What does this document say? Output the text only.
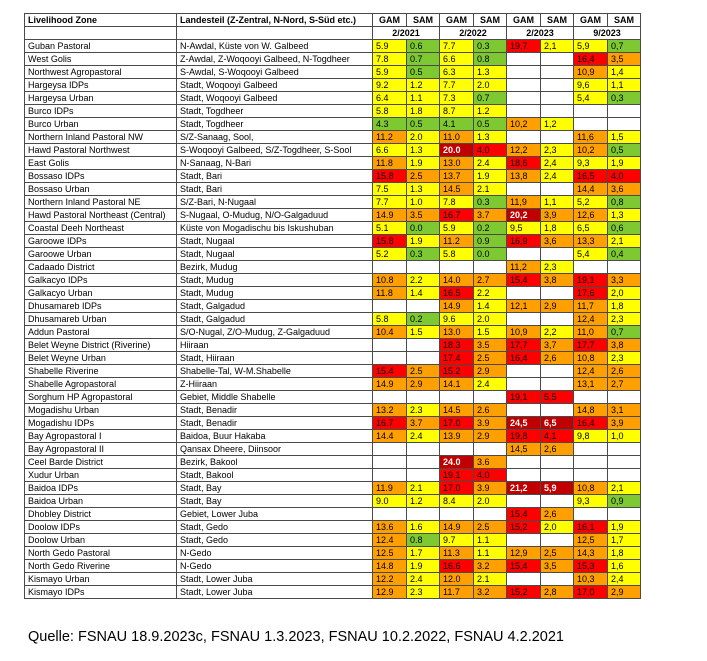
Livelihood Zone	Landesteil (Z-Zentral, N-Nord, S-Süd etc.)	GAM	SAM	GAM	SAM	GAM	SAM	GAM	SAM
		2/2021		2/2022		2/2023		9/2023	
Guban Pastoral	N-Awdal, Küste von W. Galbeed	5.9	0.6	7.7	0.3	19,7	2,1	5,9	0,7
West Golis	Z-Awdal, Z-Woqooyi Galbeed, N-Togdheer	7.8	0.7	6.6	0.8			16,4	3,5
Northwest Agropastoral	S-Awdal, S-Woqooyi Galbeed	5.9	0.5	6.3	1.3			10,9	1,4
Hargeysa IDPs	Stadt, Woqooyi Galbeed	9.2	1.2	7.7	2.0			9,6	1,1
Hargeysa Urban	Stadt, Woqooyi Galbeed	6.4	1.1	7.3	0.7			5,4	0,3
Burco IDPs	Stadt, Togdheer	5.8	1.8	8.7	1.2				
Burco Urban	Stadt, Togdheer	4.3	0.5	4.1	0.5	10,2	1,2		
Northern Inland Pastoral NW	S/Z-Sanaag, Sool,	11.2	2.0	11.0	1.3			11,6	1,5
Hawd Pastoral Northwest	S-Woqooyi Galbeed, S/Z-Togdheer, S-Sool	6.6	1.3	20.0	4.0	12,2	2,3	10,2	0,5
East Golis	N-Sanaag, N-Bari	11.8	1.9	13.0	2.4	18,6	2,4	9,3	1,9
Bossaso IDPs	Stadt, Bari	15.8	2.5	13.7	1.9	13,8	2,4	16,5	4,0
Bossaso Urban	Stadt, Bari	7.5	1.3	14.5	2.1			14,4	3,6
Northern Inland Pastoral NE	S/Z-Bari, N-Nugaal	7.7	1.0	7.8	0.3	11,9	1,1	5,2	0,8
Hawd Pastoral Northeast (Central)	S-Nugaal, O-Mudug, N/O-Galgaduud	14.9	3.5	16.7	3.7	20,2	3,9	12,6	1,3
Coastal Deeh Northeast	Küste von Mogadischu bis Iskushuban	5.1	0.0	5.9	0.2	9,5	1,8	6,5	0,6
Garoowe IDPs	Stadt, Nugaal	15.8	1.9	11.2	0.9	16,9	3,6	13,3	2,1
Garoowe Urban	Stadt, Nugaal	5.2	0.3	5.8	0.0			5,4	0,4
Cadaado District	Bezirk, Mudug					11,2	2,3		
Galkacyo IDPs	Stadt, Mudug	10.8	2.2	14.0	2.7	15,4	3,8	19,1	3,3
Galkacyo Urban	Stadt, Mudug	11.8	1.4	16.5	2.2			17,6	2,0
Dhusamareb IDPs	Stadt, Galgadud			14.9	1.4	12,1	2,9	11,7	1,8
Dhusamareb Urban	Stadt, Galgadud	5.8	0.2	9.6	2.0			12,4	2,3
Addun Pastoral	S/O-Nugal, Z/O-Mudug, Z-Galgaduud	10.4	1.5	13.0	1.5	10,9	2,2	11,0	0,7
Belet Weyne District (Riverine)	Hiiraan			18.3	3.5	17,7	3,7	17,7	3,8
Belet Weyne Urban	Stadt, Hiiraan			17.4	2.5	16,4	2,6	10,8	2,3
Shabelle Riverine	Shabelle-Tal, W-M.Shabelle	15.4	2.5	15.2	2.9			12,4	2,6
Shabelle Agropastoral	Z-Hiiraan	14.9	2.9	14.1	2.4			13,1	2,7
Sorghum HP Agropastoral	Gebiet, Middle Shabelle					19,1	5,5		
Mogadishu Urban	Stadt, Benadir	13.2	2.3	14.5	2.6			14,8	3,1
Mogadishu IDPs	Stadt, Benadir	16.7	3.7	17.0	3.9	24,5	6,5	16,4	3,9
Bay Agropastoral I	Baidoa, Buur Hakaba	14.4	2.4	13.9	2.9	19,8	4,1	9,8	1,0
Bay Agropastoral II	Qansax Dheere, Diinsoor					14,5	2,6		
Ceel Barde District	Bezirk, Bakool			24.0	3.6				
Xudur Urban	Stadt, Bakool			19.1	4.0				
Baidoa IDPs	Stadt, Bay	11.9	2.1	17.0	3.9	21,2	5,9	10,8	2,1
Baidoa Urban	Stadt, Bay	9.0	1.2	8.4	2.0			9,3	0,9
Dhobley District	Gebiet, Lower Juba					15,4	2,6		
Doolow IDPs	Stadt, Gedo	13.6	1.6	14.9	2.5	15,2	2,0	16,1	1,9
Doolow Urban	Stadt, Gedo	12.4	0.8	9.7	1.1			12,5	1,7
North Gedo Pastoral	N-Gedo	12.5	1.7	11.3	1.1	12,9	2,5	14,3	1,8
North Gedo Riverine	N-Gedo	14.8	1.9	16.6	3.2	15,4	3,5	15,3	1,6
Kismayo Urban	Stadt, Lower Juba	12.2	2.4	12.0	2.1			10,3	2,4
Kismayo IDPs	Stadt, Lower Juba	12.9	2.3	11.7	3.2	15,2	2,8	17,0	2,9
Quelle: FSNAU 18.9.2023c, FSNAU 1.3.2023, FSNAU 10.2.2022, FSNAU 4.2.2021
